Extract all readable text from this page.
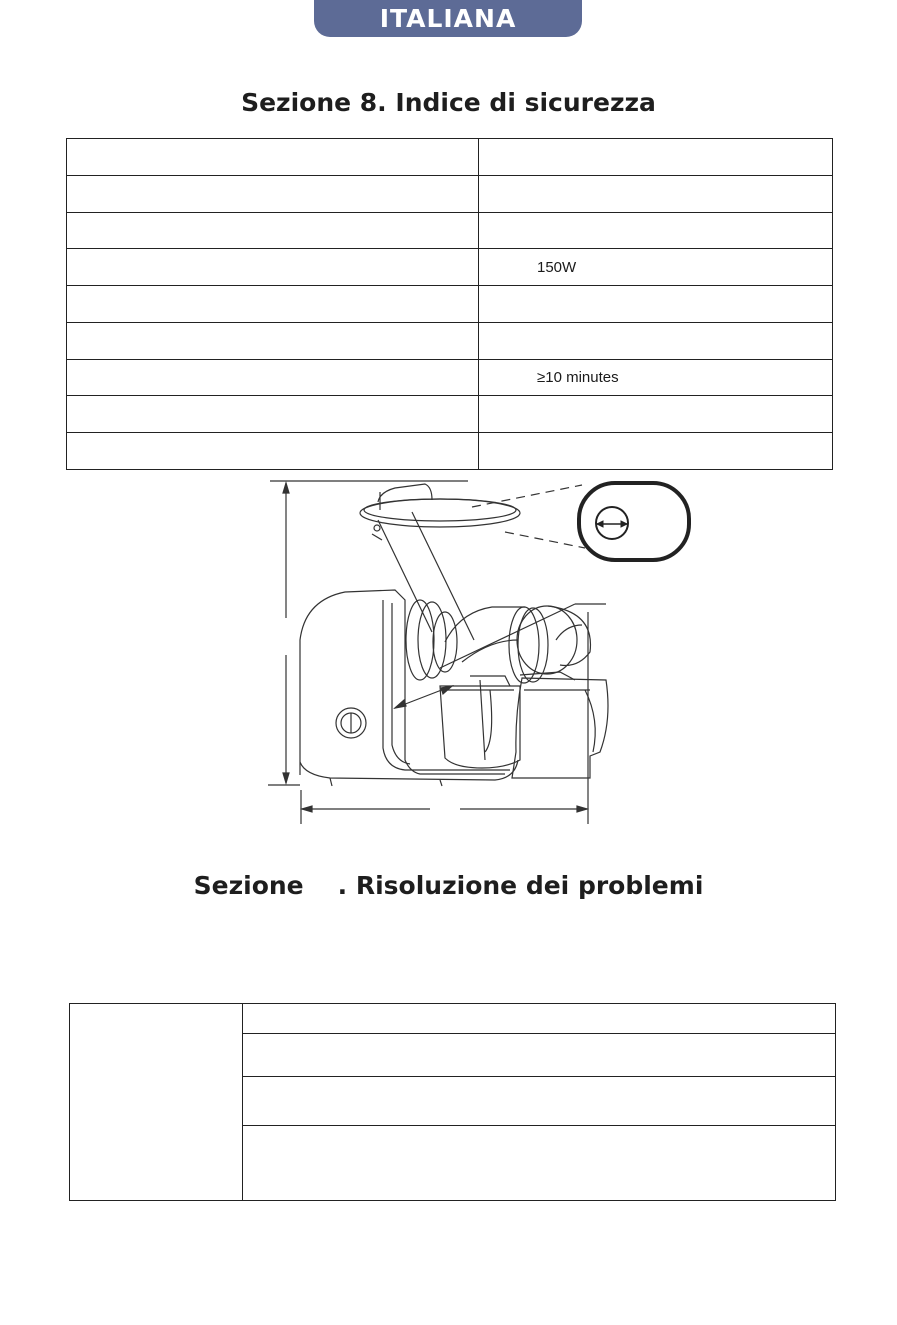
ITALIANA
Sezione 8. Indice di sicurezza

	150W

	≥10 minutes

Sezione . Risoluzione dei problemi
